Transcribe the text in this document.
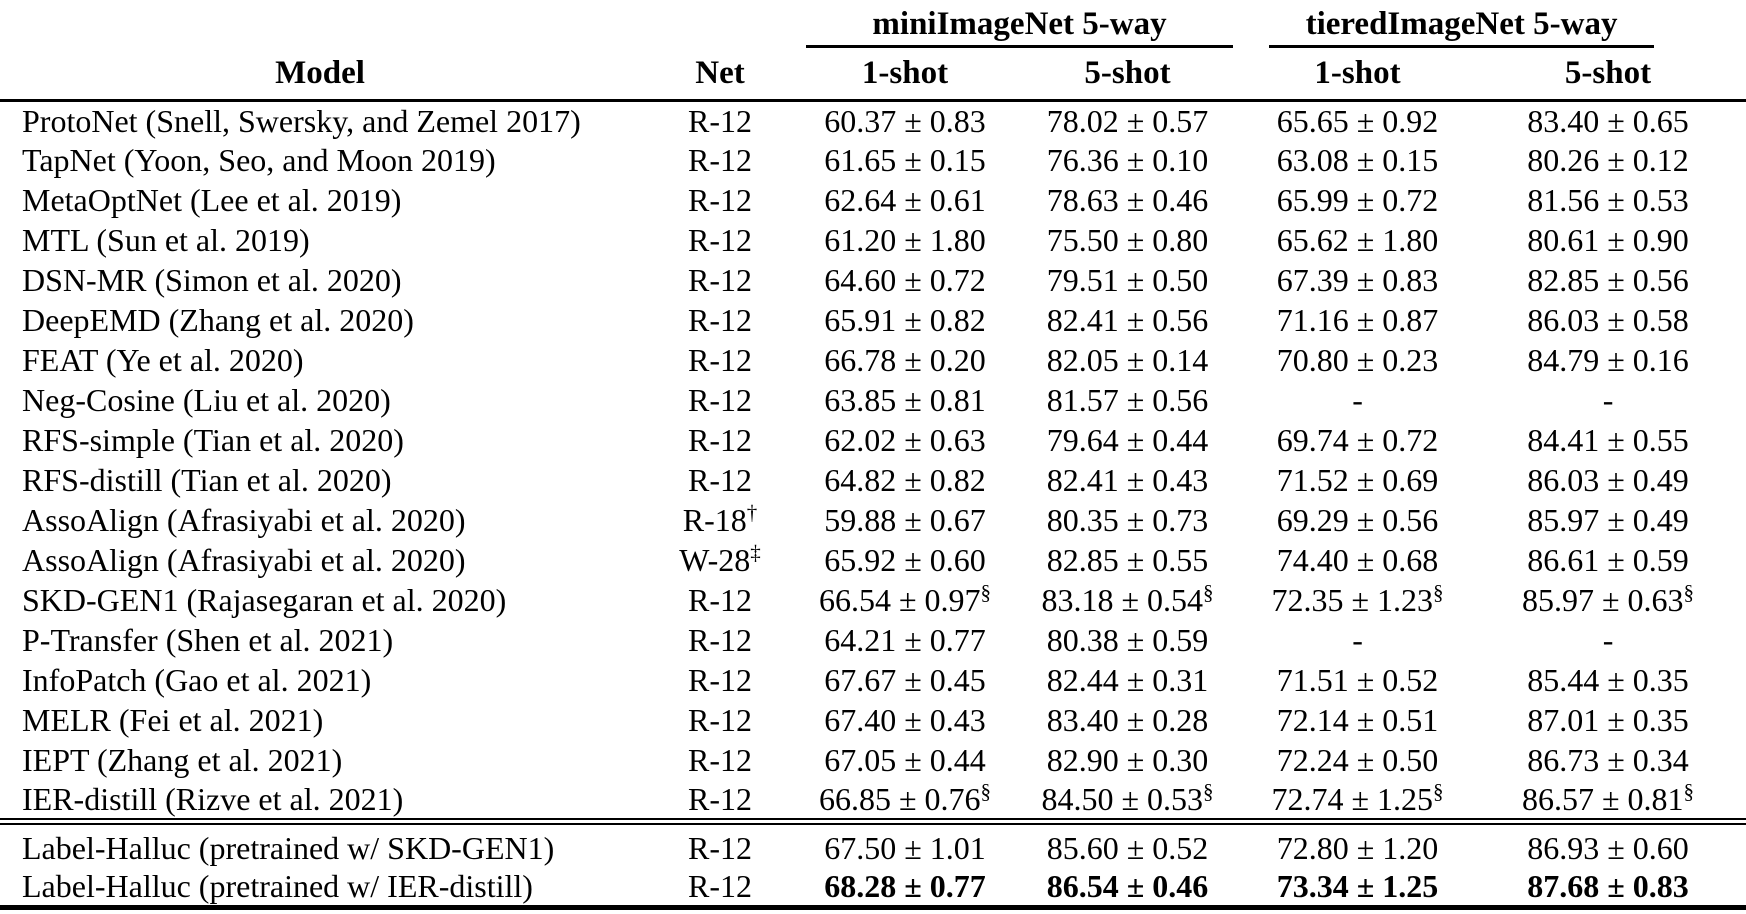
		miniImageNet 5-way		tieredImageNet 5-way	

Model	Net	1-shot	5-shot	1-shot	5-shot
ProtoNet (Snell, Swersky, and Zemel 2017)	R-12	60.37 ± 0.83	78.02 ± 0.57	65.65 ± 0.92	83.40 ± 0.65
TapNet (Yoon, Seo, and Moon 2019)	R-12	61.65 ± 0.15	76.36 ± 0.10	63.08 ± 0.15	80.26 ± 0.12
MetaOptNet (Lee et al. 2019)	R-12	62.64 ± 0.61	78.63 ± 0.46	65.99 ± 0.72	81.56 ± 0.53
MTL (Sun et al. 2019)	R-12	61.20 ± 1.80	75.50 ± 0.80	65.62 ± 1.80	80.61 ± 0.90
DSN-MR (Simon et al. 2020)	R-12	64.60 ± 0.72	79.51 ± 0.50	67.39 ± 0.83	82.85 ± 0.56
DeepEMD (Zhang et al. 2020)	R-12	65.91 ± 0.82	82.41 ± 0.56	71.16 ± 0.87	86.03 ± 0.58
FEAT (Ye et al. 2020)	R-12	66.78 ± 0.20	82.05 ± 0.14	70.80 ± 0.23	84.79 ± 0.16
Neg-Cosine (Liu et al. 2020)	R-12	63.85 ± 0.81	81.57 ± 0.56	-	-
RFS-simple (Tian et al. 2020)	R-12	62.02 ± 0.63	79.64 ± 0.44	69.74 ± 0.72	84.41 ± 0.55
RFS-distill (Tian et al. 2020)	R-12	64.82 ± 0.82	82.41 ± 0.43	71.52 ± 0.69	86.03 ± 0.49
AssoAlign (Afrasiyabi et al. 2020)	R-18†	59.88 ± 0.67	80.35 ± 0.73	69.29 ± 0.56	85.97 ± 0.49
AssoAlign (Afrasiyabi et al. 2020)	W-28‡	65.92 ± 0.60	82.85 ± 0.55	74.40 ± 0.68	86.61 ± 0.59
SKD-GEN1 (Rajasegaran et al. 2020)	R-12	66.54 ± 0.97§	83.18 ± 0.54§	72.35 ± 1.23§	85.97 ± 0.63§
P-Transfer (Shen et al. 2021)	R-12	64.21 ± 0.77	80.38 ± 0.59	-	-
InfoPatch (Gao et al. 2021)	R-12	67.67 ± 0.45	82.44 ± 0.31	71.51 ± 0.52	85.44 ± 0.35
MELR (Fei et al. 2021)	R-12	67.40 ± 0.43	83.40 ± 0.28	72.14 ± 0.51	87.01 ± 0.35
IEPT (Zhang et al. 2021)	R-12	67.05 ± 0.44	82.90 ± 0.30	72.24 ± 0.50	86.73 ± 0.34
IER-distill (Rizve et al. 2021)	R-12	66.85 ± 0.76§	84.50 ± 0.53§	72.74 ± 1.25§	86.57 ± 0.81§
Label-Halluc (pretrained w/ SKD-GEN1)	R-12	67.50 ± 1.01	85.60 ± 0.52	72.80 ± 1.20	86.93 ± 0.60
Label-Halluc (pretrained w/ IER-distill)	R-12	68.28 ± 0.77	86.54 ± 0.46	73.34 ± 1.25	87.68 ± 0.83
